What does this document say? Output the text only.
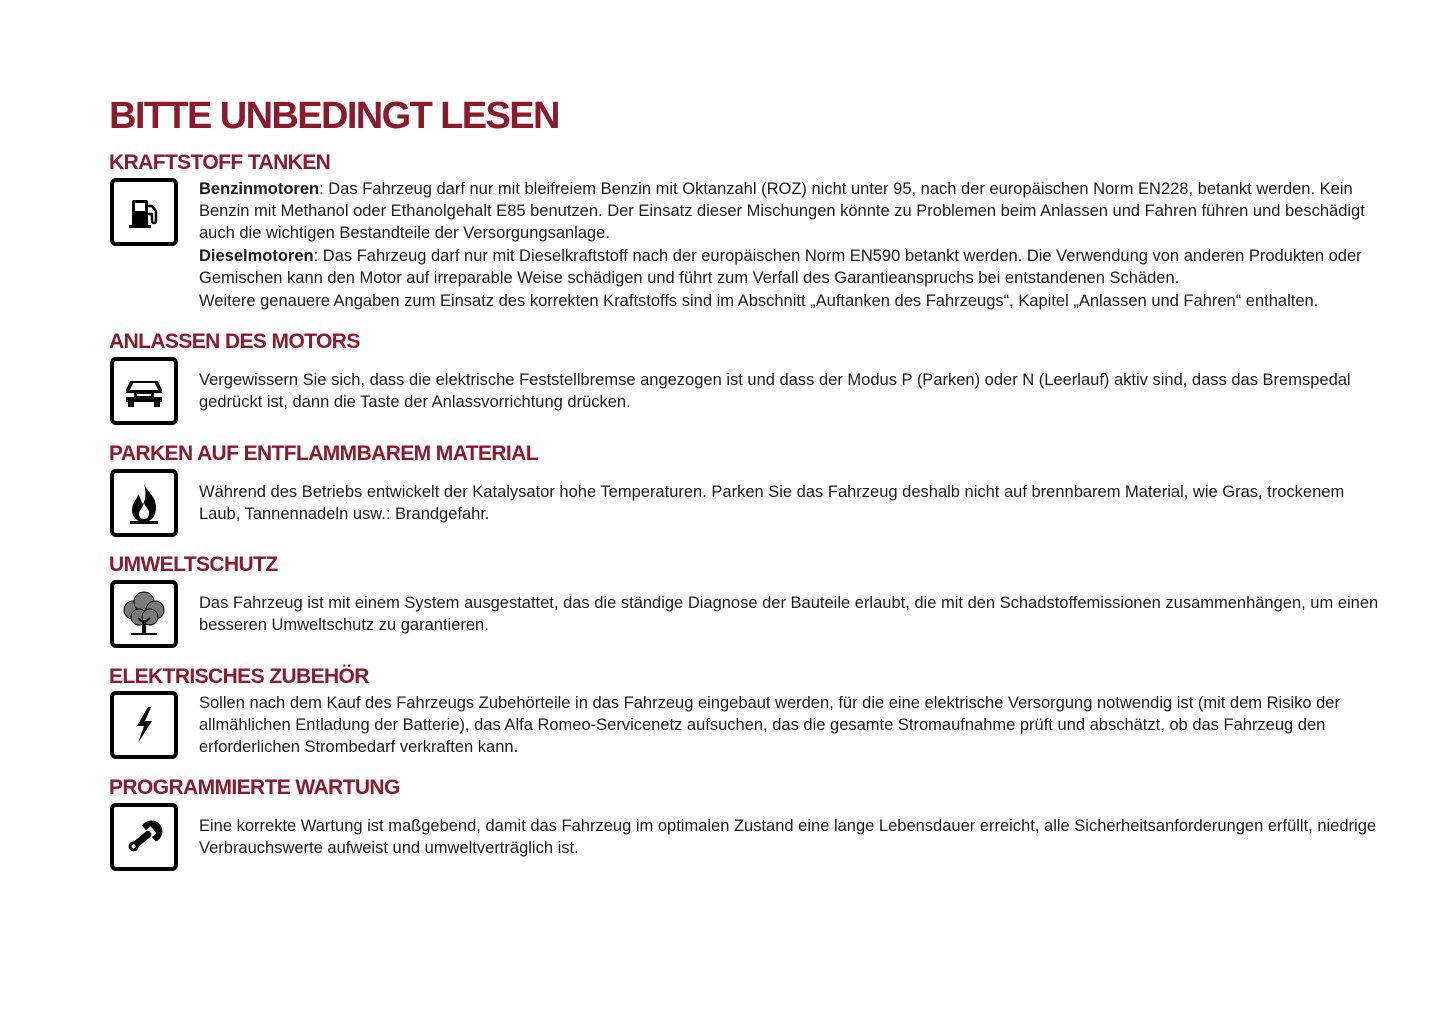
BITTE UNBEDINGT LESEN
KRAFTSTOFF TANKEN

Benzinmotoren: Das Fahrzeug darf nur mit bleifreiem Benzin mit Oktanzahl (ROZ) nicht unter 95, nach der europäischen Norm EN228, betankt werden. Kein Benzin mit Methanol oder Ethanolgehalt E85 benutzen. Der Einsatz dieser Mischungen könnte zu Problemen beim Anlassen und Fahren führen und beschädigt auch die wichtigen Bestandteile der Versorgungsanlage.

Dieselmotoren: Das Fahrzeug darf nur mit Dieselkraftstoff nach der europäischen Norm EN590 betankt werden. Die Verwendung von anderen Produkten oder Gemischen kann den Motor auf irreparable Weise schädigen und führt zum Verfall des Garantieanspruchs bei entstandenen Schäden.

Weitere genauere Angaben zum Einsatz des korrekten Kraftstoffs sind im Abschnitt „Auftanken des Fahrzeugs“, Kapitel „Anlassen und Fahren“ enthalten.

ANLASSEN DES MOTORS
Vergewissern Sie sich, dass die elektrische Feststellbremse angezogen ist und dass der Modus P (Parken) oder N (Leerlauf) aktiv sind, dass das Bremspedal gedrückt ist, dann die Taste der Anlassvorrichtung drücken.
PARKEN AUF ENTFLAMMBAREM MATERIAL
Während des Betriebs entwickelt der Katalysator hohe Temperaturen. Parken Sie das Fahrzeug deshalb nicht auf brennbarem Material, wie Gras, trockenem Laub, Tannennadeln usw.: Brandgefahr.
UMWELTSCHUTZ
Das Fahrzeug ist mit einem System ausgestattet, das die ständige Diagnose der Bauteile erlaubt, die mit den Schadstoffemissionen zusammenhängen, um einen besseren Umweltschutz zu garantieren.
ELEKTRISCHES ZUBEHÖR
Sollen nach dem Kauf des Fahrzeugs Zubehörteile in das Fahrzeug eingebaut werden, für die eine elektrische Versorgung notwendig ist (mit dem Risiko der allmählichen Entladung der Batterie), das Alfa Romeo-Servicenetz aufsuchen, das die gesamte Stromaufnahme prüft und abschätzt, ob das Fahrzeug den erforderlichen Strombedarf verkraften kann.
PROGRAMMIERTE WARTUNG
Eine korrekte Wartung ist maßgebend, damit das Fahrzeug im optimalen Zustand eine lange Lebensdauer erreicht, alle Sicherheitsanforderungen erfüllt, niedrige Verbrauchswerte aufweist und umweltverträglich ist.
